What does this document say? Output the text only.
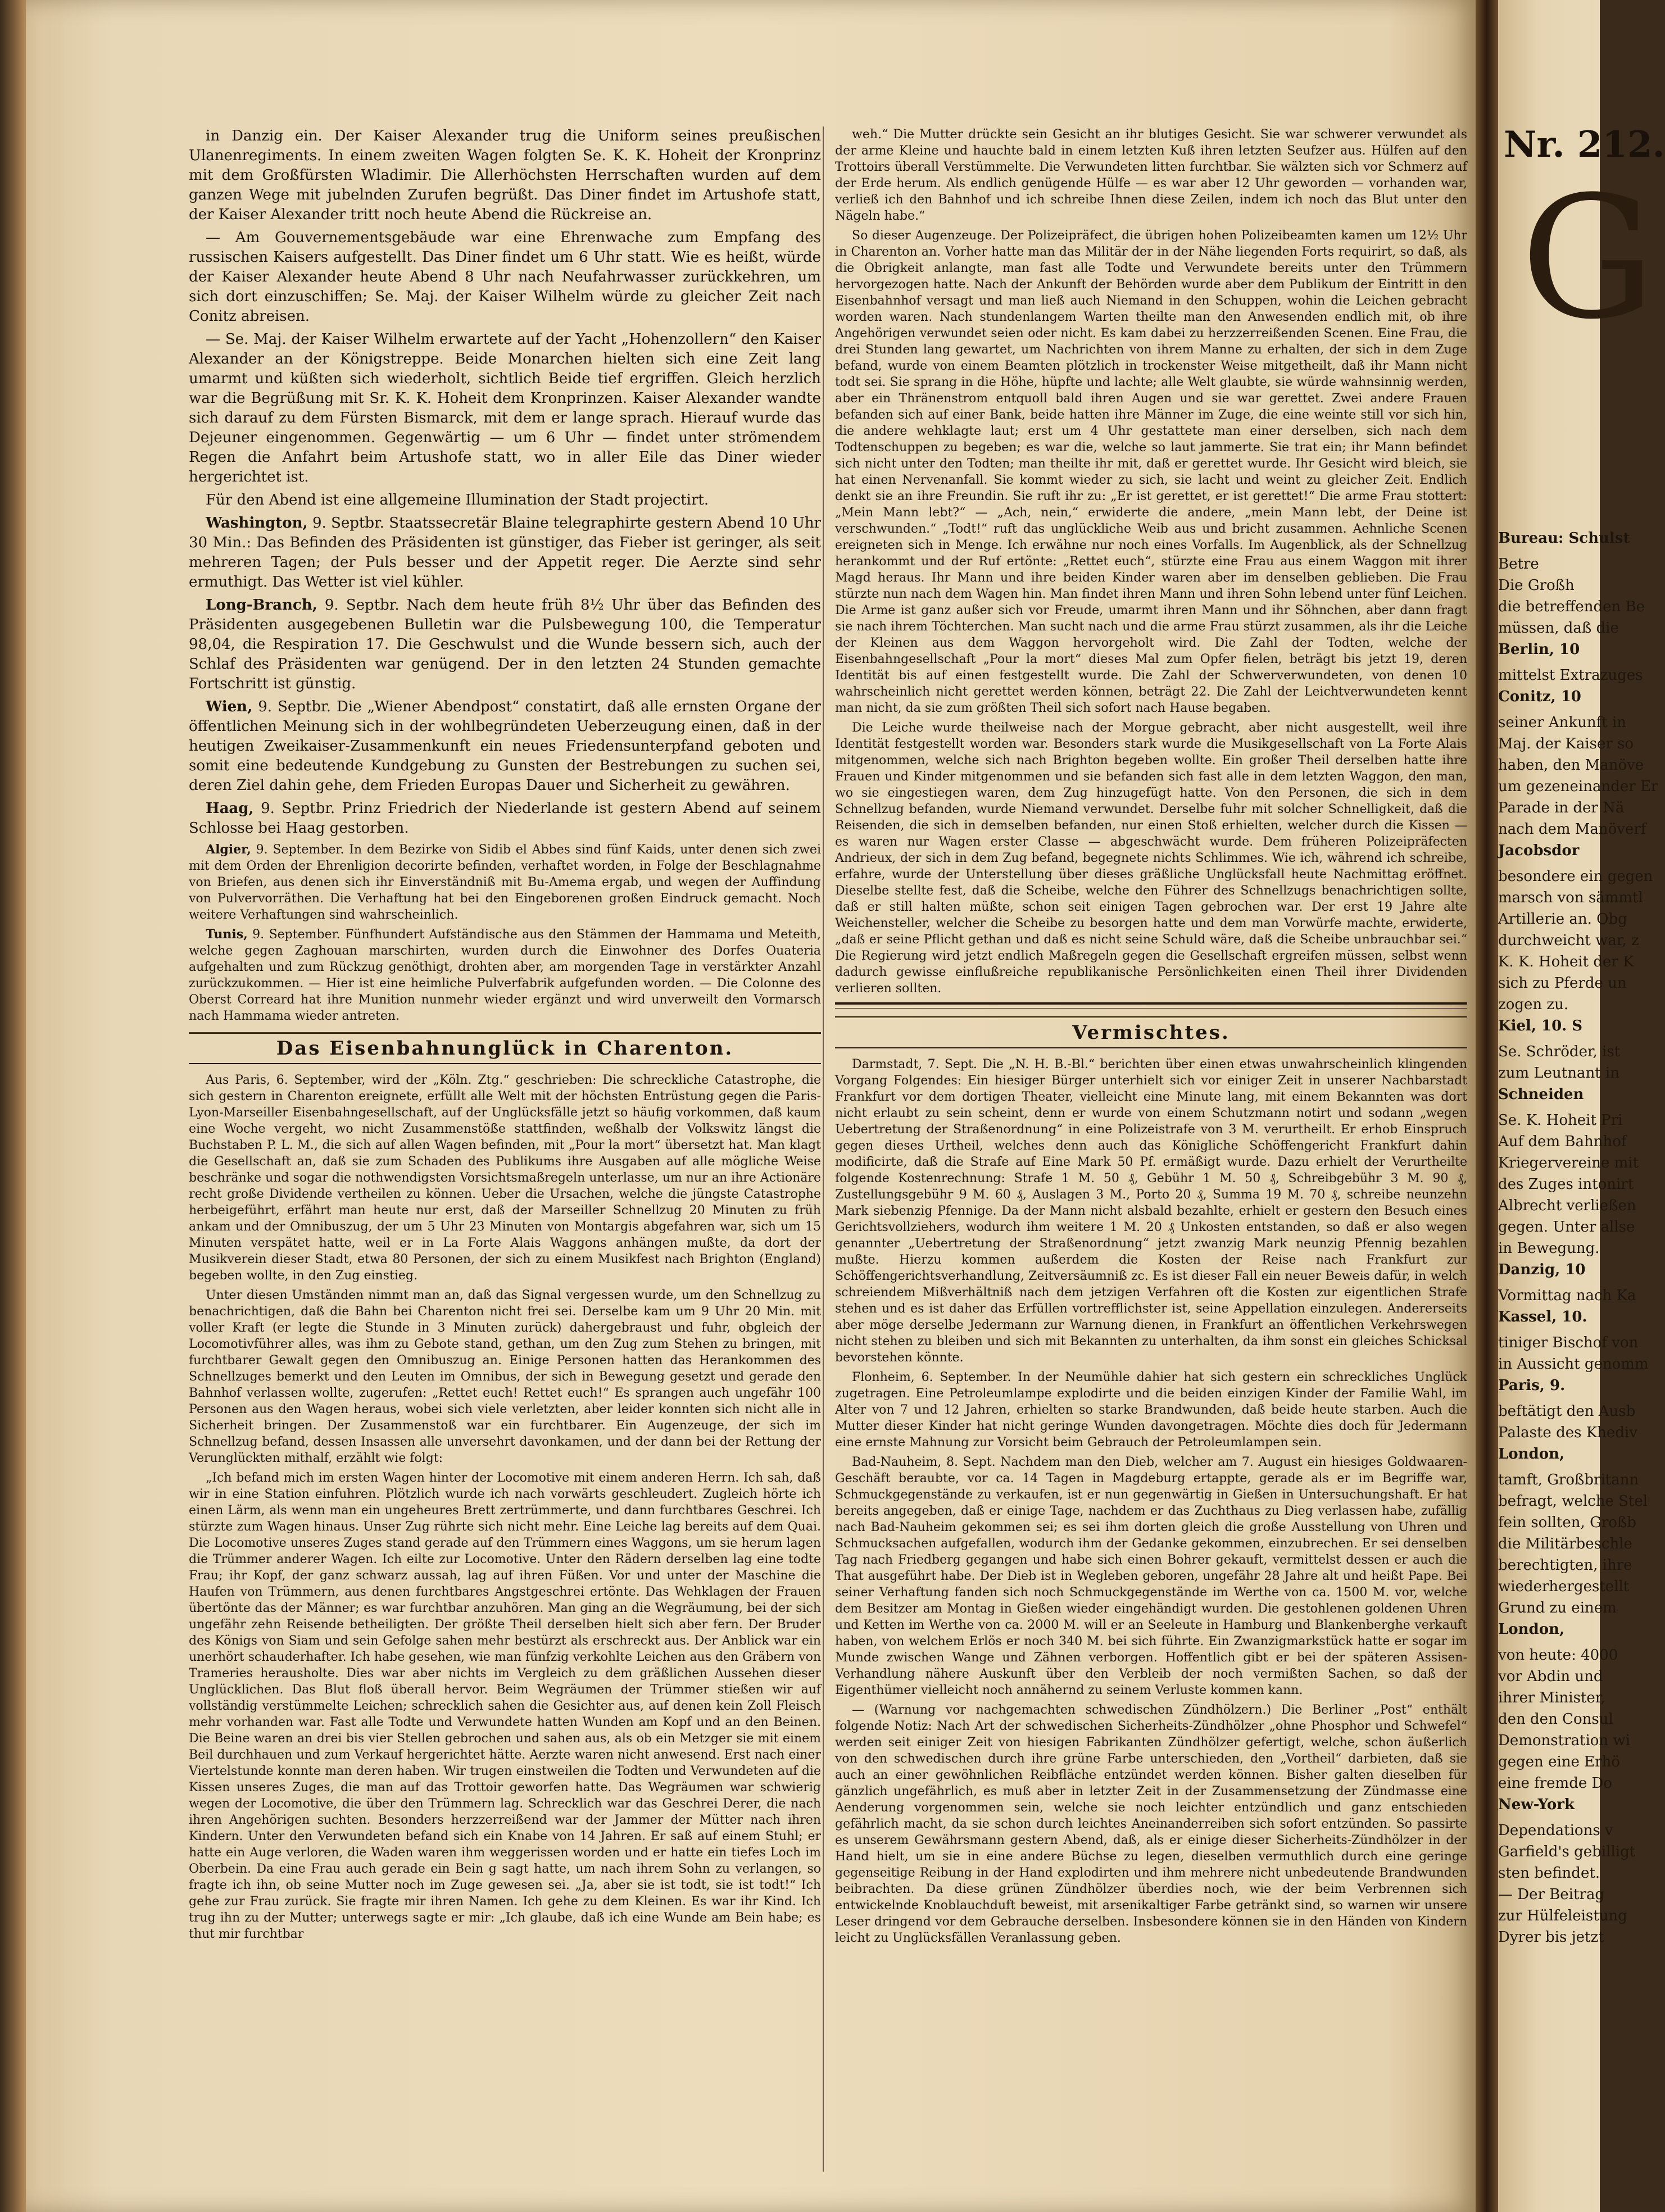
in Danzig ein. Der Kaiser Alexander trug die Uniform seines preußischen Ulanenregiments. In einem zweiten Wagen folgten Se. K. K. Hoheit der Kronprinz mit dem Großfürsten Wladimir. Die Allerhöchsten Herrschaften wurden auf dem ganzen Wege mit jubelnden Zurufen begrüßt. Das Diner findet im Artushofe statt, der Kaiser Alexander tritt noch heute Abend die Rückreise an.

— Am Gouvernementsgebäude war eine Ehrenwache zum Empfang des russischen Kaisers aufgestellt. Das Diner findet um 6 Uhr statt. Wie es heißt, würde der Kaiser Alexander heute Abend 8 Uhr nach Neufahrwasser zurückkehren, um sich dort einzuschiffen; Se. Maj. der Kaiser Wilhelm würde zu gleicher Zeit nach Conitz abreisen.

— Se. Maj. der Kaiser Wilhelm erwartete auf der Yacht „Hohenzollern“ den Kaiser Alexander an der Königstreppe. Beide Monarchen hielten sich eine Zeit lang umarmt und küßten sich wiederholt, sichtlich Beide tief ergriffen. Gleich herzlich war die Begrüßung mit Sr. K. K. Hoheit dem Kronprinzen. Kaiser Alexander wandte sich darauf zu dem Fürsten Bismarck, mit dem er lange sprach. Hierauf wurde das Dejeuner eingenommen. Gegenwärtig — um 6 Uhr — findet unter strömendem Regen die Anfahrt beim Artushofe statt, wo in aller Eile das Diner wieder hergerichtet ist.

Für den Abend ist eine allgemeine Illumination der Stadt projectirt.

Washington, 9. Septbr. Staatssecretär Blaine telegraphirte gestern Abend 10 Uhr 30 Min.: Das Befinden des Präsidenten ist günstiger, das Fieber ist geringer, als seit mehreren Tagen; der Puls besser und der Appetit reger. Die Aerzte sind sehr ermuthigt. Das Wetter ist viel kühler.

Long-Branch, 9. Septbr. Nach dem heute früh 8½ Uhr über das Befinden des Präsidenten ausgegebenen Bulletin war die Pulsbewegung 100, die Temperatur 98,04, die Respiration 17. Die Geschwulst und die Wunde bessern sich, auch der Schlaf des Präsidenten war genügend. Der in den letzten 24 Stunden gemachte Fortschritt ist günstig.

Wien, 9. Septbr. Die „Wiener Abendpost“ constatirt, daß alle ernsten Organe der öffentlichen Meinung sich in der wohlbegründeten Ueberzeugung einen, daß in der heutigen Zweikaiser-Zusammenkunft ein neues Friedensunterpfand geboten und somit eine bedeutende Kundgebung zu Gunsten der Bestrebungen zu suchen sei, deren Ziel dahin gehe, dem Frieden Europas Dauer und Sicherheit zu gewähren.

Haag, 9. Septbr. Prinz Friedrich der Niederlande ist gestern Abend auf seinem Schlosse bei Haag gestorben.

Algier, 9. September. In dem Bezirke von Sidib el Abbes sind fünf Kaids, unter denen sich zwei mit dem Orden der Ehrenligion decorirte befinden, verhaftet worden, in Folge der Beschlagnahme von Briefen, aus denen sich ihr Einverständniß mit Bu-Amema ergab, und wegen der Auffindung von Pulvervorräthen. Die Verhaftung hat bei den Eingeborenen großen Eindruck gemacht. Noch weitere Verhaftungen sind wahrscheinlich.

Tunis, 9. September. Fünfhundert Aufständische aus den Stämmen der Hammama und Meteith, welche gegen Zaghouan marschirten, wurden durch die Einwohner des Dorfes Ouateria aufgehalten und zum Rückzug genöthigt, drohten aber, am morgenden Tage in verstärkter Anzahl zurückzukommen. — Hier ist eine heimliche Pulverfabrik aufgefunden worden. — Die Colonne des Oberst Correard hat ihre Munition nunmehr wieder ergänzt und wird unverweilt den Vormarsch nach Hammama wieder antreten.

Das Eisenbahnunglück in Charenton.

Aus Paris, 6. September, wird der „Köln. Ztg.“ geschrieben: Die schreckliche Catastrophe, die sich gestern in Charenton ereignete, erfüllt alle Welt mit der höchsten Entrüstung gegen die Paris-Lyon-Marseiller Eisenbahngesellschaft, auf der Unglücksfälle jetzt so häufig vorkommen, daß kaum eine Woche vergeht, wo nicht Zusammenstöße stattfinden, weßhalb der Volkswitz längst die Buchstaben P. L. M., die sich auf allen Wagen befinden, mit „Pour la mort“ übersetzt hat. Man klagt die Gesellschaft an, daß sie zum Schaden des Publikums ihre Ausgaben auf alle mögliche Weise beschränke und sogar die nothwendigsten Vorsichtsmaßregeln unterlasse, um nur an ihre Actionäre recht große Dividende vertheilen zu können. Ueber die Ursachen, welche die jüngste Catastrophe herbeigeführt, erfährt man heute nur erst, daß der Marseiller Schnellzug 20 Minuten zu früh ankam und der Omnibuszug, der um 5 Uhr 23 Minuten von Montargis abgefahren war, sich um 15 Minuten verspätet hatte, weil er in La Forte Alais Waggons anhängen mußte, da dort der Musikverein dieser Stadt, etwa 80 Personen, der sich zu einem Musikfest nach Brighton (England) begeben wollte, in den Zug einstieg.

Unter diesen Umständen nimmt man an, daß das Signal vergessen wurde, um den Schnellzug zu benachrichtigen, daß die Bahn bei Charenton nicht frei sei. Derselbe kam um 9 Uhr 20 Min. mit voller Kraft (er legte die Stunde in 3 Minuten zurück) dahergebraust und fuhr, obgleich der Locomotivführer alles, was ihm zu Gebote stand, gethan, um den Zug zum Stehen zu bringen, mit furchtbarer Gewalt gegen den Omnibuszug an. Einige Personen hatten das Herankommen des Schnellzuges bemerkt und den Leuten im Omnibus, der sich in Bewegung gesetzt und gerade den Bahnhof verlassen wollte, zugerufen: „Rettet euch! Rettet euch!“ Es sprangen auch ungefähr 100 Personen aus den Wagen heraus, wobei sich viele verletzten, aber leider konnten sich nicht alle in Sicherheit bringen. Der Zusammenstoß war ein furchtbarer. Ein Augenzeuge, der sich im Schnellzug befand, dessen Insassen alle unversehrt davonkamen, und der dann bei der Rettung der Verunglückten mithalf, erzählt wie folgt:

„Ich befand mich im ersten Wagen hinter der Locomotive mit einem anderen Herrn. Ich sah, daß wir in eine Station einfuhren. Plötzlich wurde ich nach vorwärts geschleudert. Zugleich hörte ich einen Lärm, als wenn man ein ungeheures Brett zertrümmerte, und dann furchtbares Geschrei. Ich stürzte zum Wagen hinaus. Unser Zug rührte sich nicht mehr. Eine Leiche lag bereits auf dem Quai. Die Locomotive unseres Zuges stand gerade auf den Trümmern eines Waggons, um sie herum lagen die Trümmer anderer Wagen. Ich eilte zur Locomotive. Unter den Rädern derselben lag eine todte Frau; ihr Kopf, der ganz schwarz aussah, lag auf ihren Füßen. Vor und unter der Maschine die Haufen von Trümmern, aus denen furchtbares Angstgeschrei ertönte. Das Wehklagen der Frauen übertönte das der Männer; es war furchtbar anzuhören. Man ging an die Wegräumung, bei der sich ungefähr zehn Reisende betheiligten. Der größte Theil derselben hielt sich aber fern. Der Bruder des Königs von Siam und sein Gefolge sahen mehr bestürzt als erschreckt aus. Der Anblick war ein unerhört schauderhafter. Ich habe gesehen, wie man fünfzig verkohlte Leichen aus den Gräbern von Trameries herausholte. Dies war aber nichts im Vergleich zu dem gräßlichen Aussehen dieser Unglücklichen. Das Blut floß überall hervor. Beim Wegräumen der Trümmer stießen wir auf vollständig verstümmelte Leichen; schrecklich sahen die Gesichter aus, auf denen kein Zoll Fleisch mehr vorhanden war. Fast alle Todte und Verwundete hatten Wunden am Kopf und an den Beinen. Die Beine waren an drei bis vier Stellen gebrochen und sahen aus, als ob ein Metzger sie mit einem Beil durchhauen und zum Verkauf hergerichtet hätte. Aerzte waren nicht anwesend. Erst nach einer Viertelstunde konnte man deren haben. Wir trugen einstweilen die Todten und Verwundeten auf die Kissen unseres Zuges, die man auf das Trottoir geworfen hatte. Das Wegräumen war schwierig wegen der Locomotive, die über den Trümmern lag. Schrecklich war das Geschrei Derer, die nach ihren Angehörigen suchten. Besonders herzzerreißend war der Jammer der Mütter nach ihren Kindern. Unter den Verwundeten befand sich ein Knabe von 14 Jahren. Er saß auf einem Stuhl; er hatte ein Auge verloren, die Waden waren ihm weggerissen worden und er hatte ein tiefes Loch im Oberbein. Da eine Frau auch gerade ein Bein g sagt hatte, um nach ihrem Sohn zu verlangen, so fragte ich ihn, ob seine Mutter noch im Zuge gewesen sei. „Ja, aber sie ist todt, sie ist todt!“ Ich gehe zur Frau zurück. Sie fragte mir ihren Namen. Ich gehe zu dem Kleinen. Es war ihr Kind. Ich trug ihn zu der Mutter; unterwegs sagte er mir: „Ich glaube, daß ich eine Wunde am Bein habe; es thut mir furchtbar

weh.“ Die Mutter drückte sein Gesicht an ihr blutiges Gesicht. Sie war schwerer verwundet als der arme Kleine und hauchte bald in einem letzten Kuß ihren letzten Seufzer aus. Hülfen auf den Trottoirs überall Verstümmelte. Die Verwundeten litten furchtbar. Sie wälzten sich vor Schmerz auf der Erde herum. Als endlich genügende Hülfe — es war aber 12 Uhr geworden — vorhanden war, verließ ich den Bahnhof und ich schreibe Ihnen diese Zeilen, indem ich noch das Blut unter den Nägeln habe.“

So dieser Augenzeuge. Der Polizeipräfect, die übrigen hohen Polizeibeamten kamen um 12½ Uhr in Charenton an. Vorher hatte man das Militär der in der Nähe liegenden Forts requirirt, so daß, als die Obrigkeit anlangte, man fast alle Todte und Verwundete bereits unter den Trümmern hervorgezogen hatte. Nach der Ankunft der Behörden wurde aber dem Publikum der Eintritt in den Eisenbahnhof versagt und man ließ auch Niemand in den Schuppen, wohin die Leichen gebracht worden waren. Nach stundenlangem Warten theilte man den Anwesenden endlich mit, ob ihre Angehörigen verwundet seien oder nicht. Es kam dabei zu herzzerreißenden Scenen. Eine Frau, die drei Stunden lang gewartet, um Nachrichten von ihrem Manne zu erhalten, der sich in dem Zuge befand, wurde von einem Beamten plötzlich in trockenster Weise mitgetheilt, daß ihr Mann nicht todt sei. Sie sprang in die Höhe, hüpfte und lachte; alle Welt glaubte, sie würde wahnsinnig werden, aber ein Thränenstrom entquoll bald ihren Augen und sie war gerettet. Zwei andere Frauen befanden sich auf einer Bank, beide hatten ihre Männer im Zuge, die eine weinte still vor sich hin, die andere wehklagte laut; erst um 4 Uhr gestattete man einer derselben, sich nach dem Todtenschuppen zu begeben; es war die, welche so laut jammerte. Sie trat ein; ihr Mann befindet sich nicht unter den Todten; man theilte ihr mit, daß er gerettet wurde. Ihr Gesicht wird bleich, sie hat einen Nervenanfall. Sie kommt wieder zu sich, sie lacht und weint zu gleicher Zeit. Endlich denkt sie an ihre Freundin. Sie ruft ihr zu: „Er ist gerettet, er ist gerettet!“ Die arme Frau stottert: „Mein Mann lebt?“ — „Ach, nein,“ erwiderte die andere, „mein Mann lebt, der Deine ist verschwunden.“ „Todt!“ ruft das unglückliche Weib aus und bricht zusammen. Aehnliche Scenen ereigneten sich in Menge. Ich erwähne nur noch eines Vorfalls. Im Augenblick, als der Schnellzug herankommt und der Ruf ertönte: „Rettet euch“, stürzte eine Frau aus einem Waggon mit ihrer Magd heraus. Ihr Mann und ihre beiden Kinder waren aber im denselben geblieben. Die Frau stürzte nun nach dem Wagen hin. Man findet ihren Mann und ihren Sohn lebend unter fünf Leichen. Die Arme ist ganz außer sich vor Freude, umarmt ihren Mann und ihr Söhnchen, aber dann fragt sie nach ihrem Töchterchen. Man sucht nach und die arme Frau stürzt zusammen, als ihr die Leiche der Kleinen aus dem Waggon hervorgeholt wird. Die Zahl der Todten, welche der Eisenbahngesellschaft „Pour la mort“ dieses Mal zum Opfer fielen, beträgt bis jetzt 19, deren Identität bis auf einen festgestellt wurde. Die Zahl der Schwerverwundeten, von denen 10 wahrscheinlich nicht gerettet werden können, beträgt 22. Die Zahl der Leichtverwundeten kennt man nicht, da sie zum größten Theil sich sofort nach Hause begaben.

Die Leiche wurde theilweise nach der Morgue gebracht, aber nicht ausgestellt, weil ihre Identität festgestellt worden war. Besonders stark wurde die Musikgesellschaft von La Forte Alais mitgenommen, welche sich nach Brighton begeben wollte. Ein großer Theil derselben hatte ihre Frauen und Kinder mitgenommen und sie befanden sich fast alle in dem letzten Waggon, den man, wo sie eingestiegen waren, dem Zug hinzugefügt hatte. Von den Personen, die sich in dem Schnellzug befanden, wurde Niemand verwundet. Derselbe fuhr mit solcher Schnelligkeit, daß die Reisenden, die sich in demselben befanden, nur einen Stoß erhielten, welcher durch die Kissen — es waren nur Wagen erster Classe — abgeschwächt wurde. Dem früheren Polizeipräfecten Andrieux, der sich in dem Zug befand, begegnete nichts Schlimmes. Wie ich, während ich schreibe, erfahre, wurde der Unterstellung über dieses gräßliche Unglücksfall heute Nachmittag eröffnet. Dieselbe stellte fest, daß die Scheibe, welche den Führer des Schnellzugs benachrichtigen sollte, daß er still halten müßte, schon seit einigen Tagen gebrochen war. Der erst 19 Jahre alte Weichensteller, welcher die Scheibe zu besorgen hatte und dem man Vorwürfe machte, erwiderte, „daß er seine Pflicht gethan und daß es nicht seine Schuld wäre, daß die Scheibe unbrauchbar sei.“ Die Regierung wird jetzt endlich Maßregeln gegen die Gesellschaft ergreifen müssen, selbst wenn dadurch gewisse einflußreiche republikanische Persönlichkeiten einen Theil ihrer Dividenden verlieren sollten.

Vermischtes.

Darmstadt, 7. Sept. Die „N. H. B.-Bl.“ berichten über einen etwas unwahrscheinlich klingenden Vorgang Folgendes: Ein hiesiger Bürger unterhielt sich vor einiger Zeit in unserer Nachbarstadt Frankfurt vor dem dortigen Theater, vielleicht eine Minute lang, mit einem Bekannten was dort nicht erlaubt zu sein scheint, denn er wurde von einem Schutzmann notirt und sodann „wegen Uebertretung der Straßenordnung“ in eine Polizeistrafe von 3 M. verurtheilt. Er erhob Einspruch gegen dieses Urtheil, welches denn auch das Königliche Schöffengericht Frankfurt dahin modificirte, daß die Strafe auf Eine Mark 50 Pf. ermäßigt wurde. Dazu erhielt der Verurtheilte folgende Kostenrechnung: Strafe 1 M. 50 ₰, Gebühr 1 M. 50 ₰, Schreibgebühr 3 M. 90 ₰, Zustellungsgebühr 9 M. 60 ₰, Auslagen 3 M., Porto 20 ₰, Summa 19 M. 70 ₰, schreibe neunzehn Mark siebenzig Pfennige. Da der Mann nicht alsbald bezahlte, erhielt er gestern den Besuch eines Gerichtsvollziehers, wodurch ihm weitere 1 M. 20 ₰ Unkosten entstanden, so daß er also wegen genannter „Uebertretung der Straßenordnung“ jetzt zwanzig Mark neunzig Pfennig bezahlen mußte. Hierzu kommen außerdem die Kosten der Reise nach Frankfurt zur Schöffengerichtsverhandlung, Zeitversäumniß zc. Es ist dieser Fall ein neuer Beweis dafür, in welch schreiendem Mißverhältniß nach dem jetzigen Verfahren oft die Kosten zur eigentlichen Strafe stehen und es ist daher das Erfüllen vortrefflichster ist, seine Appellation einzulegen. Andererseits aber möge derselbe Jedermann zur Warnung dienen, in Frankfurt an öffentlichen Verkehrswegen nicht stehen zu bleiben und sich mit Bekannten zu unterhalten, da ihm sonst ein gleiches Schicksal bevorstehen könnte.

Flonheim, 6. September. In der Neumühle dahier hat sich gestern ein schreckliches Unglück zugetragen. Eine Petroleumlampe explodirte und die beiden einzigen Kinder der Familie Wahl, im Alter von 7 und 12 Jahren, erhielten so starke Brandwunden, daß beide heute starben. Auch die Mutter dieser Kinder hat nicht geringe Wunden davongetragen. Möchte dies doch für Jedermann eine ernste Mahnung zur Vorsicht beim Gebrauch der Petroleumlampen sein.

Bad-Nauheim, 8. Sept. Nachdem man den Dieb, welcher am 7. August ein hiesiges Goldwaaren-Geschäft beraubte, vor ca. 14 Tagen in Magdeburg ertappte, gerade als er im Begriffe war, Schmuckgegenstände zu verkaufen, ist er nun gegenwärtig in Gießen in Untersuchungshaft. Er hat bereits angegeben, daß er einige Tage, nachdem er das Zuchthaus zu Dieg verlassen habe, zufällig nach Bad-Nauheim gekommen sei; es sei ihm dorten gleich die große Ausstellung von Uhren und Schmucksachen aufgefallen, wodurch ihm der Gedanke gekommen, einzubrechen. Er sei denselben Tag nach Friedberg gegangen und habe sich einen Bohrer gekauft, vermittelst dessen er auch die That ausgeführt habe. Der Dieb ist in Wegleben geboren, ungefähr 28 Jahre alt und heißt Pape. Bei seiner Verhaftung fanden sich noch Schmuckgegenstände im Werthe von ca. 1500 M. vor, welche dem Besitzer am Montag in Gießen wieder eingehändigt wurden. Die gestohlenen goldenen Uhren und Ketten im Werthe von ca. 2000 M. will er an Seeleute in Hamburg und Blankenberghe verkauft haben, von welchem Erlös er noch 340 M. bei sich führte. Ein Zwanzigmarkstück hatte er sogar im Munde zwischen Wange und Zähnen verborgen. Hoffentlich gibt er bei der späteren Assisen-Verhandlung nähere Auskunft über den Verbleib der noch vermißten Sachen, so daß der Eigenthümer vielleicht noch annähernd zu seinem Verluste kommen kann.

— (Warnung vor nachgemachten schwedischen Zündhölzern.) Die Berliner „Post“ enthält folgende Notiz: Nach Art der schwedischen Sicherheits-Zündhölzer „ohne Phosphor und Schwefel“ werden seit einiger Zeit von hiesigen Fabrikanten Zündhölzer gefertigt, welche, schon äußerlich von den schwedischen durch ihre grüne Farbe unterschieden, den „Vortheil“ darbieten, daß sie auch an einer gewöhnlichen Reibfläche entzündet werden können. Bisher galten dieselben für gänzlich ungefährlich, es muß aber in letzter Zeit in der Zusammensetzung der Zündmasse eine Aenderung vorgenommen sein, welche sie noch leichter entzündlich und ganz entschieden gefährlich macht, da sie schon durch leichtes Aneinanderreiben sich sofort entzünden. So passirte es unserem Gewährsmann gestern Abend, daß, als er einige dieser Sicherheits-Zündhölzer in der Hand hielt, um sie in eine andere Büchse zu legen, dieselben vermuthlich durch eine geringe gegenseitige Reibung in der Hand explodirten und ihm mehrere nicht unbedeutende Brandwunden beibrachten. Da diese grünen Zündhölzer überdies noch, wie der beim Verbrennen sich entwickelnde Knoblauchduft beweist, mit arsenikaltiger Farbe getränkt sind, so warnen wir unsere Leser dringend vor dem Gebrauche derselben. Insbesondere können sie in den Händen von Kindern leicht zu Unglücksfällen Veranlassung geben.

Nr. 212.
G
Bureau: Schulst
Betre
Die Großh
die betreffenden Be
müssen, daß die
Berlin, 10
mittelst Extrazuges
Conitz, 10
seiner Ankunft in
Maj. der Kaiser so
haben, den Manöve
um gezeneinander Er
Parade in der Nä
nach dem Manöverf
Jacobsdor
besondere ein gegen
marsch von sämmtl
Artillerie an. Obg
durchweicht war, z
K. K. Hoheit der K
sich zu Pferde un
zogen zu.
Kiel, 10. S
Se. Schröder, ist
zum Leutnant in
Schneiden
Se. K. Hoheit Pri
Auf dem Bahnhof
Kriegervereine mit
des Zuges intonirt
Albrecht verließen
gegen. Unter allse
in Bewegung.
Danzig, 10
Vormittag nach Ka
Kassel, 10.
tiniger Bischof von
in Aussicht genomm
Paris, 9.
beftätigt den Ausb
Palaste des Khediv
London,
tamft, Großbritann
befragt, welche Stel
fein sollten, Großb
die Militärbeschle
berechtigten, ihre
wiederhergestellt
Grund zu einem
London,
von heute: 4000
vor Abdin und
ihrer Minister,
den den Consul
Demonstration wi
gegen eine Erhö
eine fremde Do
New-York
Dependations v
Garfield's gebilligt
sten befindet.
— Der Beitrag
zur Hülfeleistung
Dyrer bis jetzt
